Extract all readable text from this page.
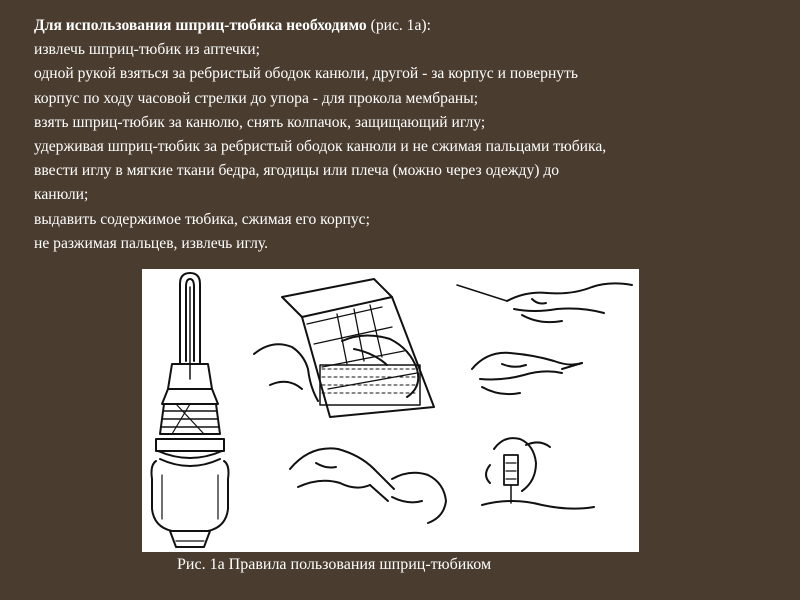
Для использования шприц-тюбика необходимо (рис. 1а):
извлечь шприц-тюбик из аптечки;
одной рукой взяться за ребристый ободок канюли, другой - за корпус и повернуть
корпус по ходу часовой стрелки до упора - для прокола мембраны;
взять шприц-тюбик за канюлю, снять колпачок, защищающий иглу;
удерживая шприц-тюбик за ребристый ободок канюли и не сжимая пальцами тюбика,
ввести иглу в мягкие ткани бедра, ягодицы или плеча (можно через одежду) до
канюли;
выдавить содержимое тюбика, сжимая его корпус;
не разжимая пальцев, извлечь иглу.
Рис. 1а Правила пользования шприц-тюбиком
